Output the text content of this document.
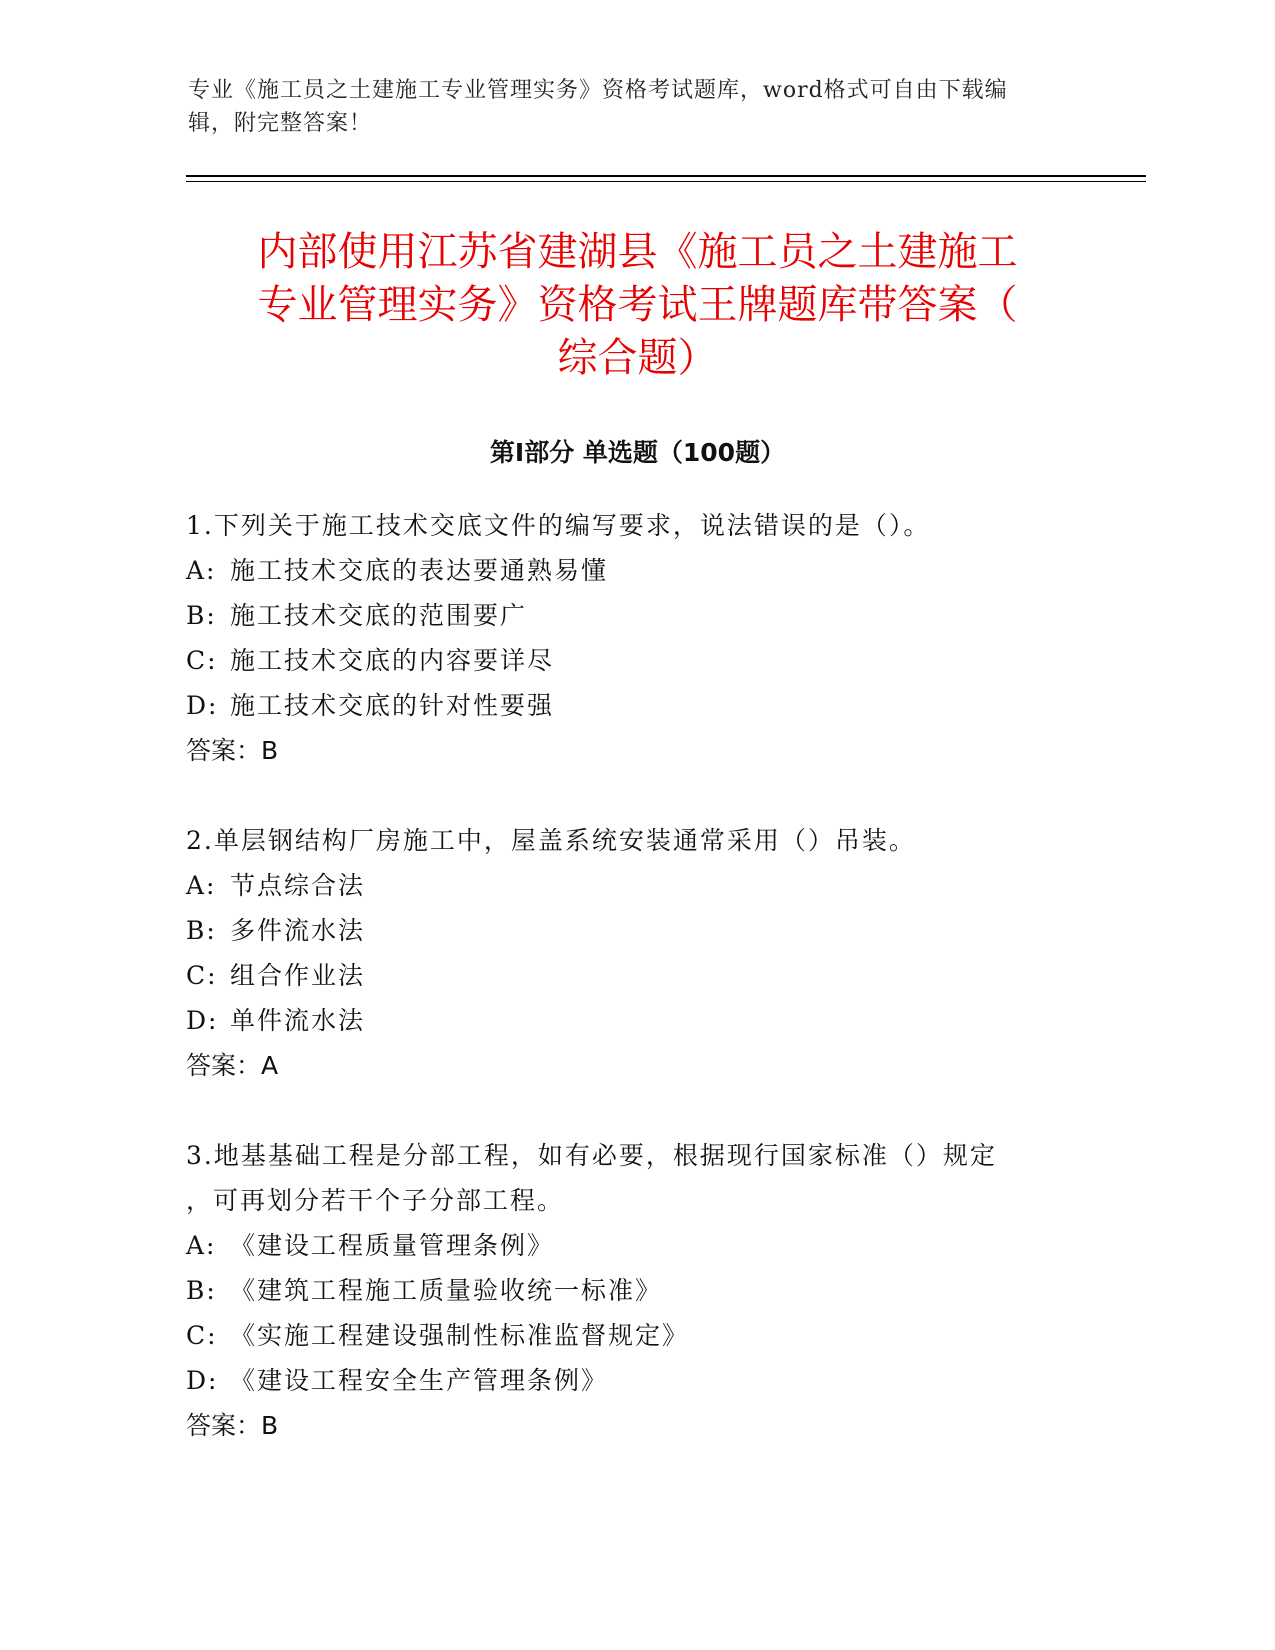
专业《施工员之土建施工专业管理实务》资格考试题库，word格式可自由下载编
辑，附完整答案！
内部使用江苏省建湖县《施工员之土建施工
专业管理实务》资格考试王牌题库带答案（
综合题）
第Ⅰ部分 单选题（100题）
1.下列关于施工技术交底文件的编写要求，说法错误的是（）。
A: 施工技术交底的表达要通熟易懂
B: 施工技术交底的范围要广
C: 施工技术交底的内容要详尽
D: 施工技术交底的针对性要强
答案：B
2.单层钢结构厂房施工中，屋盖系统安装通常采用（）吊装。
A: 节点综合法
B: 多件流水法
C: 组合作业法
D: 单件流水法
答案：A
3.地基基础工程是分部工程，如有必要，根据现行国家标准（）规定
，可再划分若干个子分部工程。
A: 《建设工程质量管理条例》
B: 《建筑工程施工质量验收统一标准》
C: 《实施工程建设强制性标准监督规定》
D: 《建设工程安全生产管理条例》
答案：B
